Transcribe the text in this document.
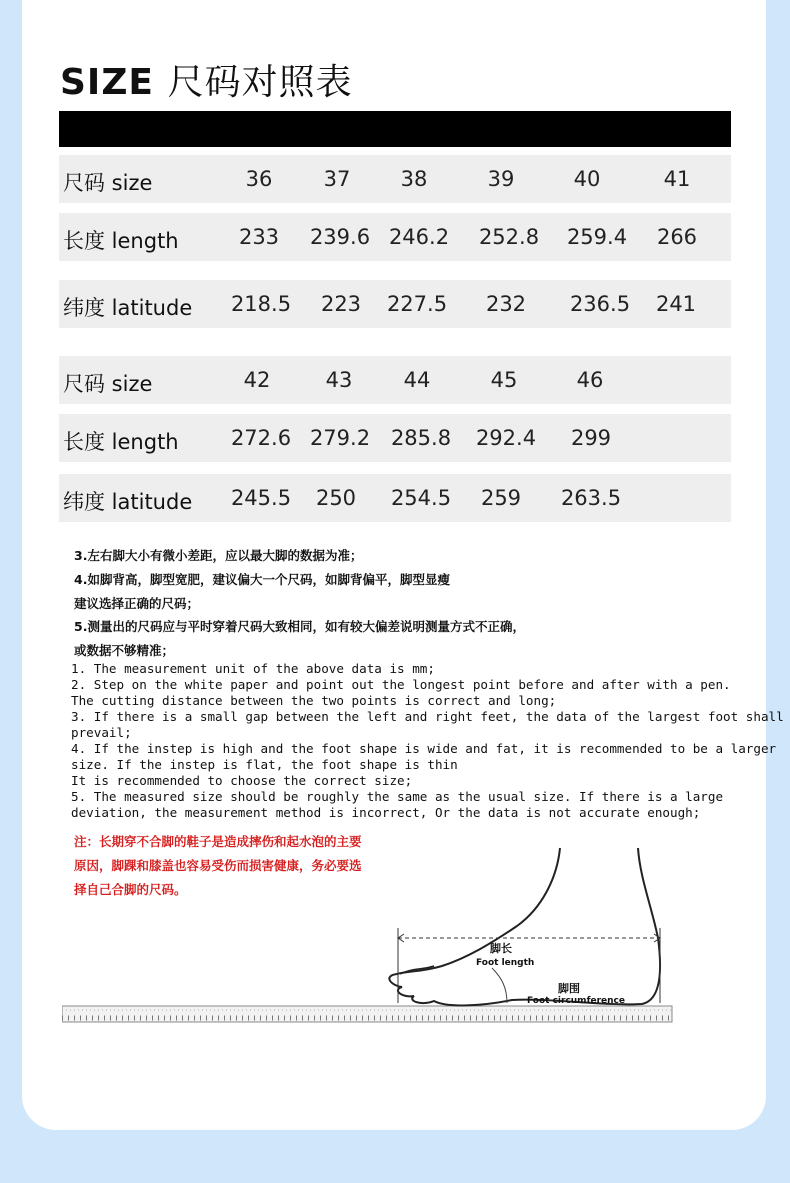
SIZE 尺码对照表
尺码 size	36	37	38	39	40	41
长度 length	233	239.6 246.2	252.8	259.4	266
纬度 latitude	218.5	223	227.5	232	236.5	241
尺码 size	42	43	44	45	46
长度 length	272.6 279.2 285.8	292.4	299
纬度 latitude	245.5	250	254.5	259	263.5
3.左右脚大小有微小差距，应以最大脚的数据为准；
4.如脚背高，脚型宽肥，建议偏大一个尺码，如脚背偏平，脚型显瘦
建议选择正确的尺码；
5.测量出的尺码应与平时穿着尺码大致相同，如有较大偏差说明测量方式不正确，
或数据不够精准；
1. The measurement unit of the above data is mm;
2. Step on the white paper and point out the longest point before and after with a pen.
The cutting distance between the two points is correct and long;
3. If there is a small gap between the left and right feet, the data of the largest foot shall
prevail;
4. If the instep is high and the foot shape is wide and fat, it is recommended to be a larger
size. If the instep is flat, the foot shape is thin
It is recommended to choose the correct size;
5. The measured size should be roughly the same as the usual size. If there is a large
deviation, the measurement method is incorrect, Or the data is not accurate enough;
注：长期穿不合脚的鞋子是造成摔伤和起水泡的主要
原因，脚踝和膝盖也容易受伤而损害健康，务必要选
择自己合脚的尺码。
脚长
Foot length
脚围
Foot circumference
